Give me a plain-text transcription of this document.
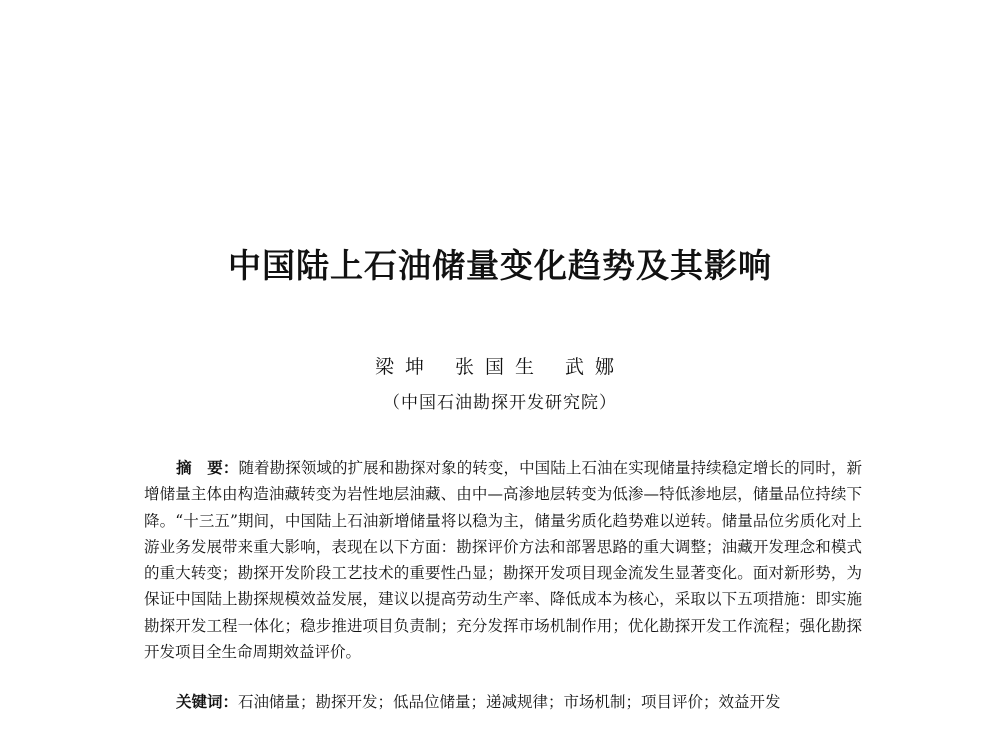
中国陆上石油储量变化趋势及其影响
梁坤 张国生 武娜
（中国石油勘探开发研究院）

摘　要：随着勘探领域的扩展和勘探对象的转变，中国陆上石油在实现储量持续稳定增长的同时，新增储量主体由构造油藏转变为岩性地层油藏、由中—高渗地层转变为低渗—特低渗地层，储量品位持续下降。“十三五”期间，中国陆上石油新增储量将以稳为主，储量劣质化趋势难以逆转。储量品位劣质化对上游业务发展带来重大影响，表现在以下方面：勘探评价方法和部署思路的重大调整；油藏开发理念和模式的重大转变；勘探开发阶段工艺技术的重要性凸显；勘探开发项目现金流发生显著变化。面对新形势，为保证中国陆上勘探规模效益发展，建议以提高劳动生产率、降低成本为核心，采取以下五项措施：即实施勘探开发工程一体化；稳步推进项目负责制；充分发挥市场机制作用；优化勘探开发工作流程；强化勘探开发项目全生命周期效益评价。

关键词：石油储量；勘探开发；低品位储量；递减规律；市场机制；项目评价；效益开发
